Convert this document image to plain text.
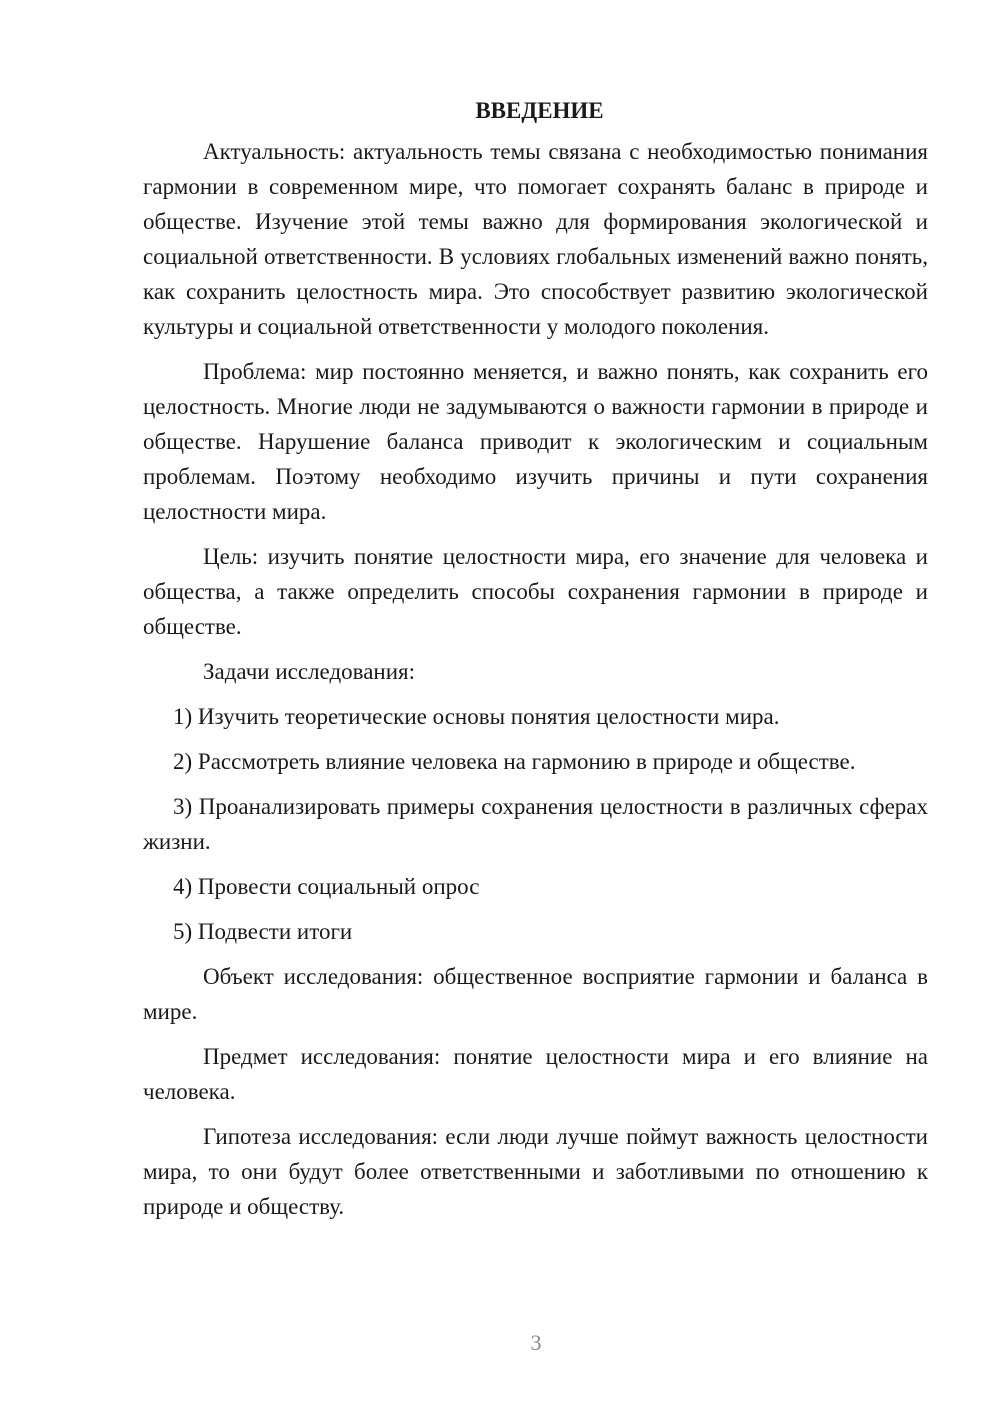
ВВЕДЕНИЕ

Актуальность: актуальность темы связана с необходимостью понимания гармонии в современном мире, что помогает сохранять баланс в природе и обществе. Изучение этой темы важно для формирования экологической и социальной ответственности. В условиях глобальных изменений важно понять, как сохранить целостность мира. Это способствует развитию экологической культуры и социальной ответственности у молодого поколения.

Проблема: мир постоянно меняется, и важно понять, как сохранить его целостность. Многие люди не задумываются о важности гармонии в природе и обществе. Нарушение баланса приводит к экологическим и социальным проблемам. Поэтому необходимо изучить причины и пути сохранения целостности мира.

Цель: изучить понятие целостности мира, его значение для человека и общества, а также определить способы сохранения гармонии в природе и обществе.

Задачи исследования:

1) Изучить теоретические основы понятия целостности мира.

2) Рассмотреть влияние человека на гармонию в природе и обществе.

3) Проанализировать примеры сохранения целостности в различных сферах жизни.

4) Провести социальный опрос

5) Подвести итоги

Объект исследования: общественное восприятие гармонии и баланса в мире.

Предмет исследования: понятие целостности мира и его влияние на человека.

Гипотеза исследования: если люди лучше поймут важность целостности мира, то они будут более ответственными и заботливыми по отношению к природе и обществу.

3
